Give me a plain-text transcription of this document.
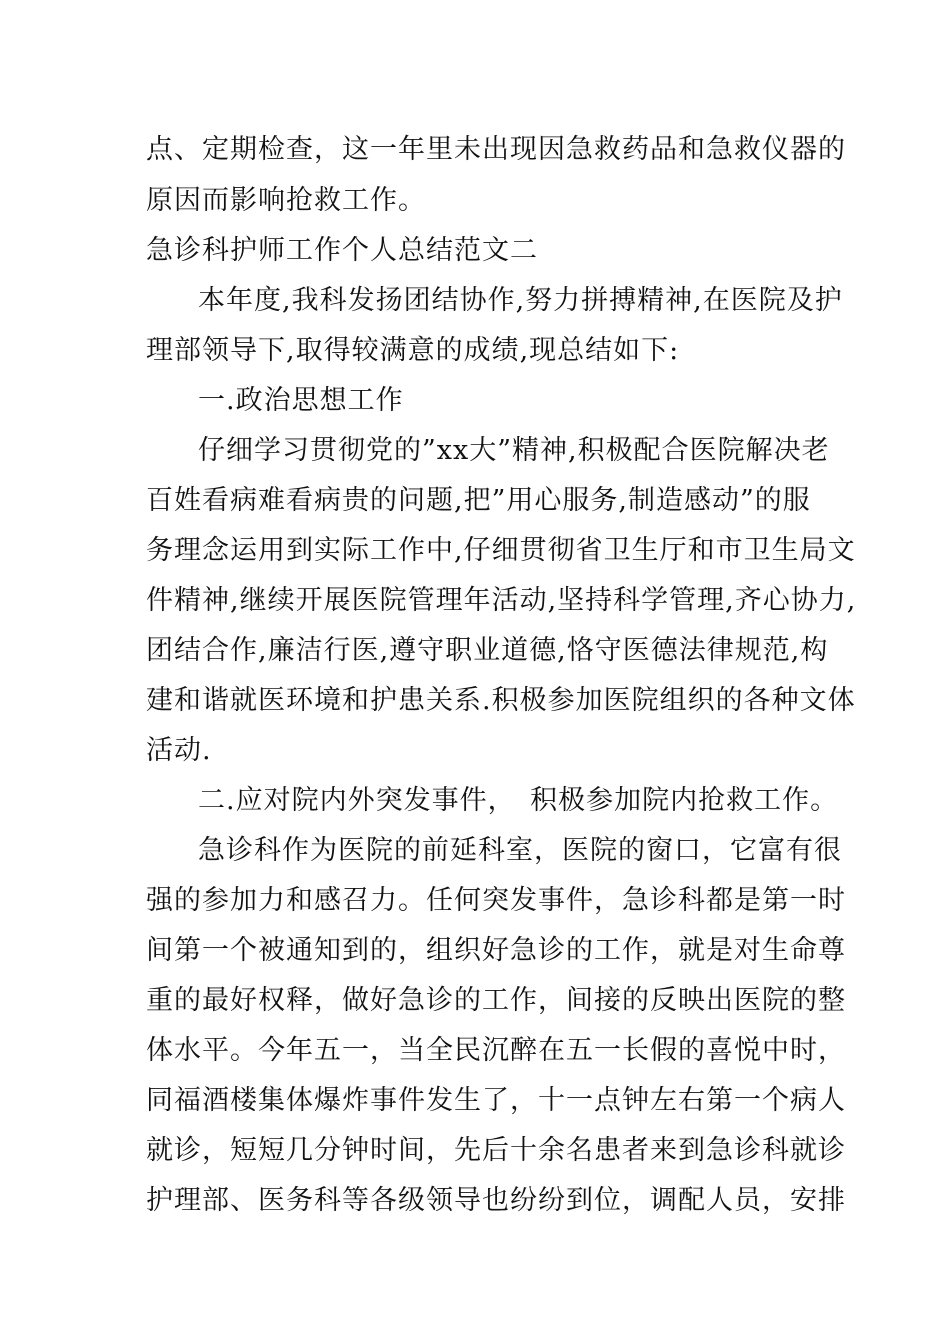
点、定期检查，这一年里未出现因急救药品和急救仪器的
原因而影响抢救工作。
急诊科护师工作个人总结范文二
本年度,我科发扬团结协作,努力拼搏精神,在医院及护
理部领导下,取得较满意的成绩,现总结如下:
一.政治思想工作
仔细学习贯彻党的”xx大”精神,积极配合医院解决老
百姓看病难看病贵的问题,把”用心服务,制造感动”的服
务理念运用到实际工作中,仔细贯彻省卫生厅和市卫生局文
件精神,继续开展医院管理年活动,坚持科学管理,齐心协力,
团结合作,廉洁行医,遵守职业道德,恪守医德法律规范,构
建和谐就医环境和护患关系.积极参加医院组织的各种文体
活动.
二.应对院内外突发事件，　积极参加院内抢救工作。
急诊科作为医院的前延科室，医院的窗口，它富有很
强的参加力和感召力。任何突发事件，急诊科都是第一时
间第一个被通知到的，组织好急诊的工作，就是对生命尊
重的最好权释，做好急诊的工作，间接的反映出医院的整
体水平。今年五一，当全民沉醉在五一长假的喜悦中时，
同福酒楼集体爆炸事件发生了，十一点钟左右第一个病人
就诊，短短几分钟时间，先后十余名患者来到急诊科就诊
护理部、医务科等各级领导也纷纷到位，调配人员，安排
